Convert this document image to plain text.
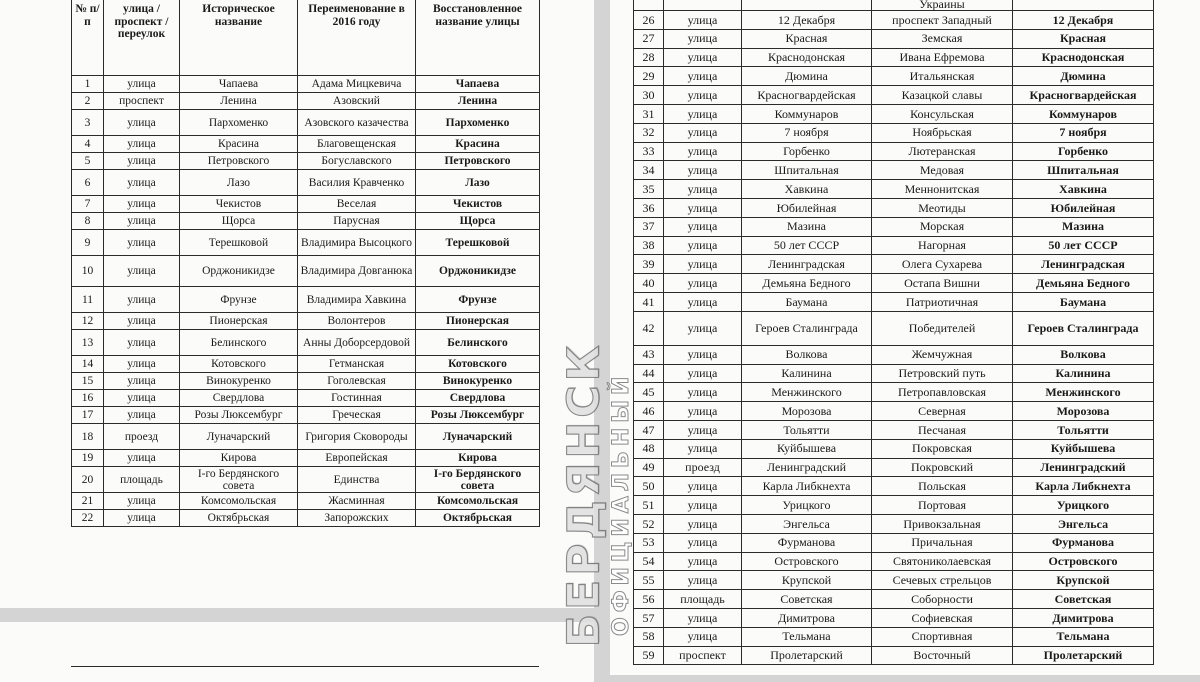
№ п/п	улица / проспект / переулок	Историческое название	Переименование в 2016 году	Восстановленное название улицы
1	улица	Чапаева	Адама Мицкевича	Чапаева
2	проспект	Ленина	Азовский	Ленина
3	улица	Пархоменко	Азовского казачества	Пархоменко
4	улица	Красина	Благовещенская	Красина
5	улица	Петровского	Богуславского	Петровского
6	улица	Лазо	Василия Кравченко	Лазо
7	улица	Чекистов	Веселая	Чекистов
8	улица	Щорса	Парусная	Щорса
9	улица	Терешковой	Владимира Высоцкого	Терешковой
10	улица	Орджоникидзе	Владимира Довганюка	Орджоникидзе
11	улица	Фрунзе	Владимира Хавкина	Фрунзе
12	улица	Пионерская	Волонтеров	Пионерская
13	улица	Белинского	Анны Доборсердовой	Белинского
14	улица	Котовского	Гетманская	Котовского
15	улица	Винокуренко	Гоголевская	Винокуренко
16	улица	Свердлова	Гостинная	Свердлова
17	улица	Розы Люксембург	Греческая	Розы Люксембург
18	проезд	Луначарский	Григория Сковороды	Луначарский
19	улица	Кирова	Европейская	Кирова
20	площадь	I-го Бердянского совета	Единства	I-го Бердянского совета
21	улица	Комсомольская	Жасминная	Комсомольская
22	улица	Октябрьская	Запорожских	Октябрьская
			Украины	
26	улица	12 Декабря	проспект Западный	12 Декабря
27	улица	Красная	Земская	Красная
28	улица	Краснодонская	Ивана Ефремова	Краснодонская
29	улица	Дюмина	Итальянская	Дюмина
30	улица	Красногвардейская	Казацкой славы	Красногвардейская
31	улица	Коммунаров	Консульская	Коммунаров
32	улица	7 ноября	Ноябрьская	7 ноября
33	улица	Горбенко	Лютеранская	Горбенко
34	улица	Шпитальная	Медовая	Шпитальная
35	улица	Хавкина	Меннонитская	Хавкина
36	улица	Юбилейная	Меотиды	Юбилейная
37	улица	Мазина	Морская	Мазина
38	улица	50 лет СССР	Нагорная	50 лет СССР
39	улица	Ленинградская	Олега Сухарева	Ленинградская
40	улица	Демьяна Бедного	Остапа Вишни	Демьяна Бедного
41	улица	Баумана	Патриотичная	Баумана
42	улица	Героев Сталинграда	Победителей	Героев Сталинграда
43	улица	Волкова	Жемчужная	Волкова
44	улица	Калинина	Петровский путь	Калинина
45	улица	Менжинского	Петропавловская	Менжинского
46	улица	Морозова	Северная	Морозова
47	улица	Тольятти	Песчаная	Тольятти
48	улица	Куйбышева	Покровская	Куйбышева
49	проезд	Ленинградский	Покровский	Ленинградский
50	улица	Карла Либкнехта	Польская	Карла Либкнехта
51	улица	Урицкого	Портовая	Урицкого
52	улица	Энгельса	Привокзальная	Энгельса
53	улица	Фурманова	Причальная	Фурманова
54	улица	Островского	Святониколаевская	Островского
55	улица	Крупской	Сечевых стрельцов	Крупской
56	площадь	Советская	Соборности	Советская
57	улица	Димитрова	Софиевская	Димитрова
58	улица	Тельмана	Спортивная	Тельмана
59	проспект	Пролетарский	Восточный	Пролетарский
БЕРДЯНСК ОФИЦИАЛЬНЫЙ
